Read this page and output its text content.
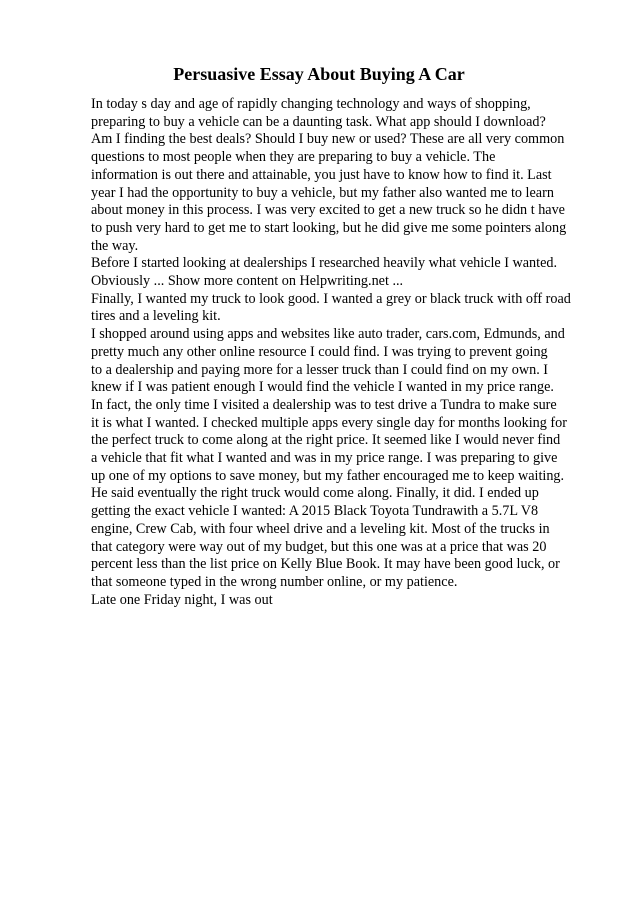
Persuasive Essay About Buying A Car
In today s day and age of rapidly changing technology and ways of shopping,
preparing to buy a vehicle can be a daunting task. What app should I download?
Am I finding the best deals? Should I buy new or used? These are all very common
questions to most people when they are preparing to buy a vehicle. The
information is out there and attainable, you just have to know how to find it. Last
year I had the opportunity to buy a vehicle, but my father also wanted me to learn
about money in this process. I was very excited to get a new truck so he didn t have
to push very hard to get me to start looking, but he did give me some pointers along
the way.
Before I started looking at dealerships I researched heavily what vehicle I wanted.
Obviously ... Show more content on Helpwriting.net ...
Finally, I wanted my truck to look good. I wanted a grey or black truck with off road
tires and a leveling kit.
I shopped around using apps and websites like auto trader, cars.com, Edmunds, and
pretty much any other online resource I could find. I was trying to prevent going
to a dealership and paying more for a lesser truck than I could find on my own. I
knew if I was patient enough I would find the vehicle I wanted in my price range.
In fact, the only time I visited a dealership was to test drive a Tundra to make sure
it is what I wanted. I checked multiple apps every single day for months looking for
the perfect truck to come along at the right price. It seemed like I would never find
a vehicle that fit what I wanted and was in my price range. I was preparing to give
up one of my options to save money, but my father encouraged me to keep waiting.
He said eventually the right truck would come along. Finally, it did. I ended up
getting the exact vehicle I wanted: A 2015 Black Toyota Tundrawith a 5.7L V8
engine, Crew Cab, with four wheel drive and a leveling kit. Most of the trucks in
that category were way out of my budget, but this one was at a price that was 20
percent less than the list price on Kelly Blue Book. It may have been good luck, or
that someone typed in the wrong number online, or my patience.
Late one Friday night, I was out
